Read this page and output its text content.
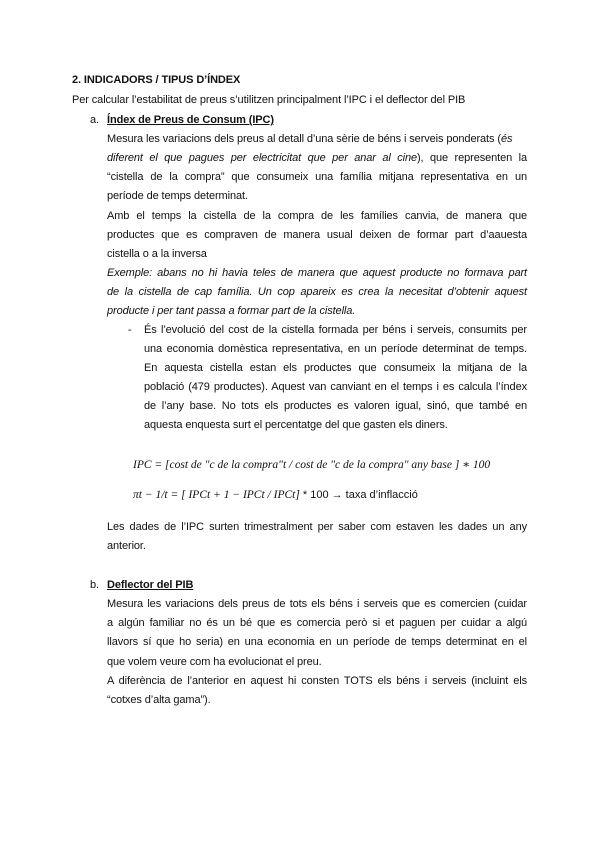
2. INDICADORS / TIPUS D’ÍNDEX
Per calcular l’estabilitat de preus s’utilitzen principalment l’IPC i el deflector del PIB
a. Índex de Preus de Consum (IPC)
Mesura les variacions dels preus al detall d’una sèrie de béns i serveis ponderats (és
diferent el que pagues per electricitat que per anar al cine), que representen la
“cistella de la compra” que consumeix una família mitjana representativa en un
període de temps determinat.
Amb el temps la cistella de la compra de les famílies canvia, de manera que
productes que es compraven de manera usual deixen de formar part d’aauesta
cistella o a la inversa
Exemple: abans no hi havia teles de manera que aquest producte no formava part
de la cistella de cap família. Un cop apareix es crea la necesitat d’obtenir aquest
producte i per tant passa a formar part de la cistella.
- És l’evolució del cost de la cistella formada per béns i serveis, consumits per
una economia domèstica representativa, en un període determinat de temps.
En aquesta cistella estan els productes que consumeix la mitjana de la
població (479 productes). Aquest van canviant en el temps i es calcula l’índex
de l’any base. No tots els productes es valoren igual, sinó, que també en
aquesta enquesta surt el percentatge del que gasten els diners.
IPC = [cost de "c de la compra"t / cost de "c de la compra" any base ] ∗ 100
πt − 1/t = [ IPCt + 1 − IPCt / IPCt] * 100 → taxa d’inflacció
Les dades de l’IPC surten trimestralment per saber com estaven les dades un any
anterior.
b. Deflector del PIB
Mesura les variacions dels preus de tots els béns i serveis que es comercien (cuidar
a algún familiar no és un bé que es comercia però si et paguen per cuidar a algú
llavors sí que ho seria) en una economia en un període de temps determinat en el
que volem veure com ha evolucionat el preu.
A diferència de l’anterior en aquest hi consten TOTS els béns i serveis (incluint els
“cotxes d’alta gama”).
